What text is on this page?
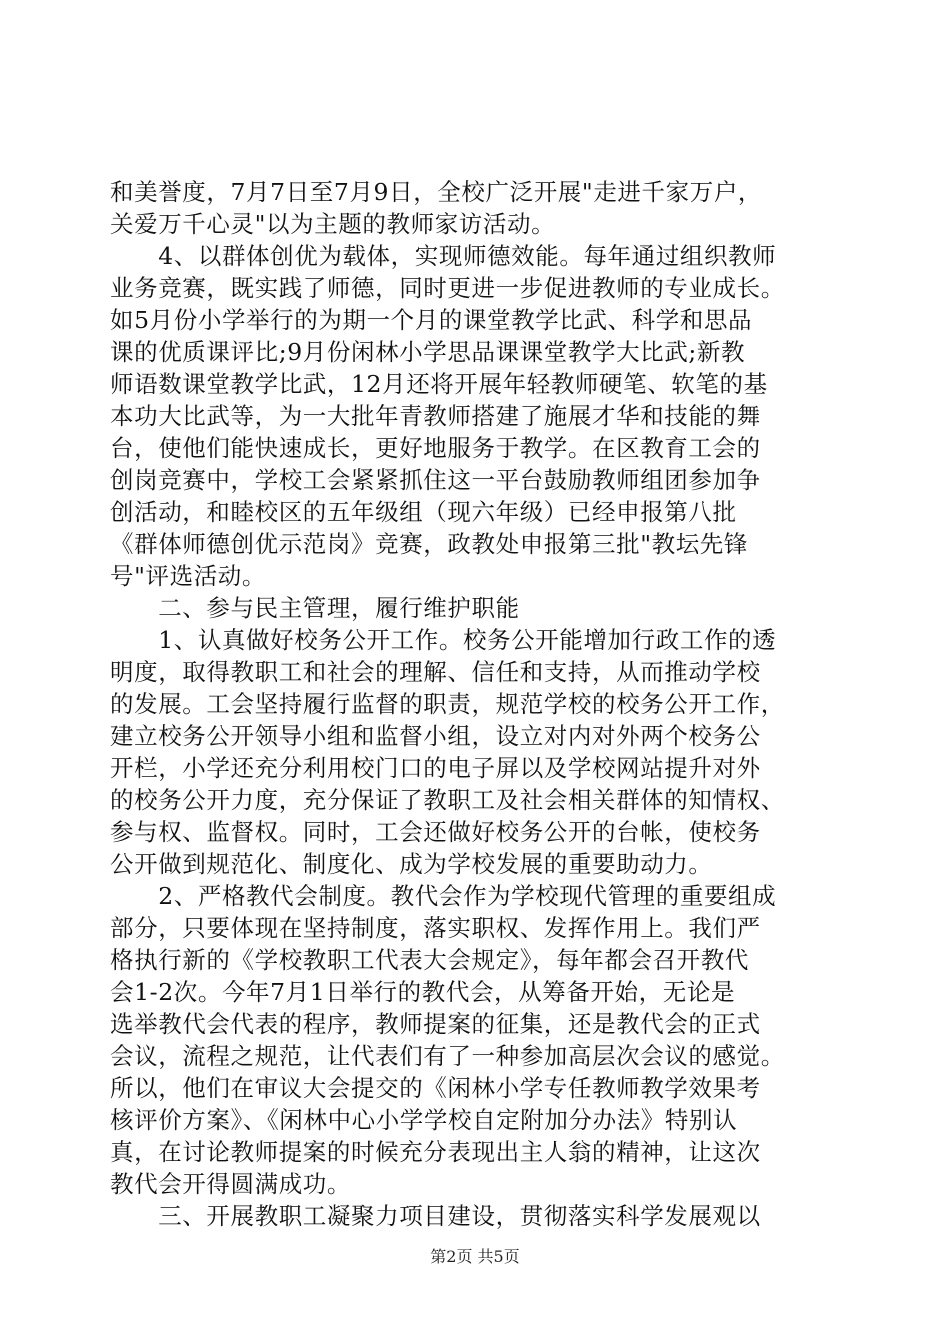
和美誉度，7月7日至7月9日，全校广泛开展"走进千家万户，
关爱万千心灵"以为主题的教师家访活动。
　　4、以群体创优为载体，实现师德效能。每年通过组织教师
业务竞赛，既实践了师德，同时更进一步促进教师的专业成长。
如5月份小学举行的为期一个月的课堂教学比武、科学和思品
课的优质课评比;9月份闲林小学思品课课堂教学大比武;新教
师语数课堂教学比武，12月还将开展年轻教师硬笔、软笔的基
本功大比武等，为一大批年青教师搭建了施展才华和技能的舞
台，使他们能快速成长，更好地服务于教学。在区教育工会的
创岗竞赛中，学校工会紧紧抓住这一平台鼓励教师组团参加争
创活动，和睦校区的五年级组（现六年级）已经申报第八批
《群体师德创优示范岗》竞赛，政教处申报第三批"教坛先锋
号"评选活动。
　　二、参与民主管理，履行维护职能
　　1、认真做好校务公开工作。校务公开能增加行政工作的透
明度，取得教职工和社会的理解、信任和支持，从而推动学校
的发展。工会坚持履行监督的职责，规范学校的校务公开工作，
建立校务公开领导小组和监督小组，设立对内对外两个校务公
开栏，小学还充分利用校门口的电子屏以及学校网站提升对外
的校务公开力度，充分保证了教职工及社会相关群体的知情权、
参与权、监督权。同时，工会还做好校务公开的台帐，使校务
公开做到规范化、制度化、成为学校发展的重要助动力。
　　2、严格教代会制度。教代会作为学校现代管理的重要组成
部分，只要体现在坚持制度，落实职权、发挥作用上。我们严
格执行新的《学校教职工代表大会规定》，每年都会召开教代
会1-2次。今年7月1日举行的教代会，从筹备开始，无论是
选举教代会代表的程序，教师提案的征集，还是教代会的正式
会议，流程之规范，让代表们有了一种参加高层次会议的感觉。
所以，他们在审议大会提交的《闲林小学专任教师教学效果考
核评价方案》、《闲林中心小学学校自定附加分办法》特别认
真，在讨论教师提案的时候充分表现出主人翁的精神，让这次
教代会开得圆满成功。
　　三、开展教职工凝聚力项目建设，贯彻落实科学发展观以
第2页 共5页
